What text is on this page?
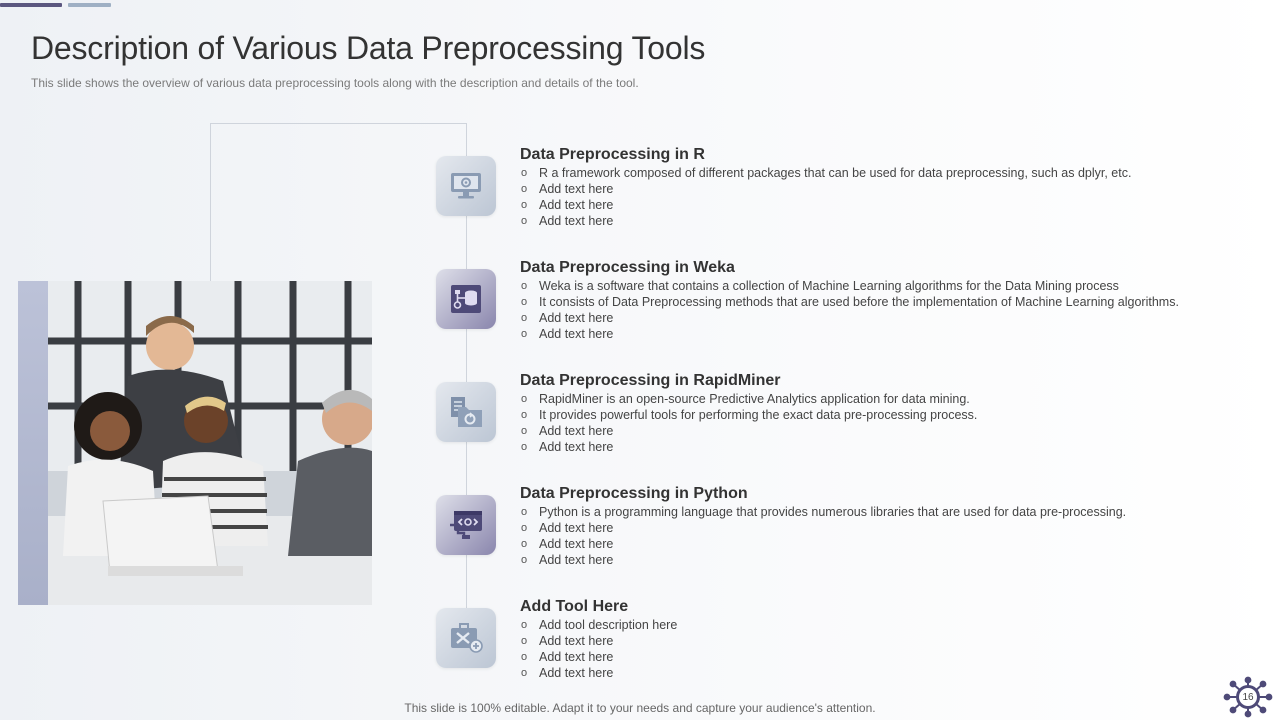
Description of Various Data Preprocessing Tools

This slide shows the overview of various data preprocessing tools along with the description and details of the tool.

Data Preprocessing in R
o R a framework composed of different packages that can be used for data preprocessing, such as dplyr, etc.
o Add text here
o Add text here
o Add text here
Data Preprocessing in Weka
o Weka is a software that contains a collection of Machine Learning algorithms for the Data Mining process
o It consists of Data Preprocessing methods that are used before the implementation of Machine Learning algorithms.
o Add text here
o Add text here
Data Preprocessing in RapidMiner
o RapidMiner is an open-source Predictive Analytics application for data mining.
o It provides powerful tools for performing the exact data pre-processing process.
o Add text here
o Add text here
Data Preprocessing in Python
o Python is a programming language that provides numerous libraries that are used for data pre-processing.
o Add text here
o Add text here
o Add text here
Add Tool Here
o Add tool description here
o Add text here
o Add text here
o Add text here
This slide is 100% editable. Adapt it to your needs and capture your audience's attention.
16
